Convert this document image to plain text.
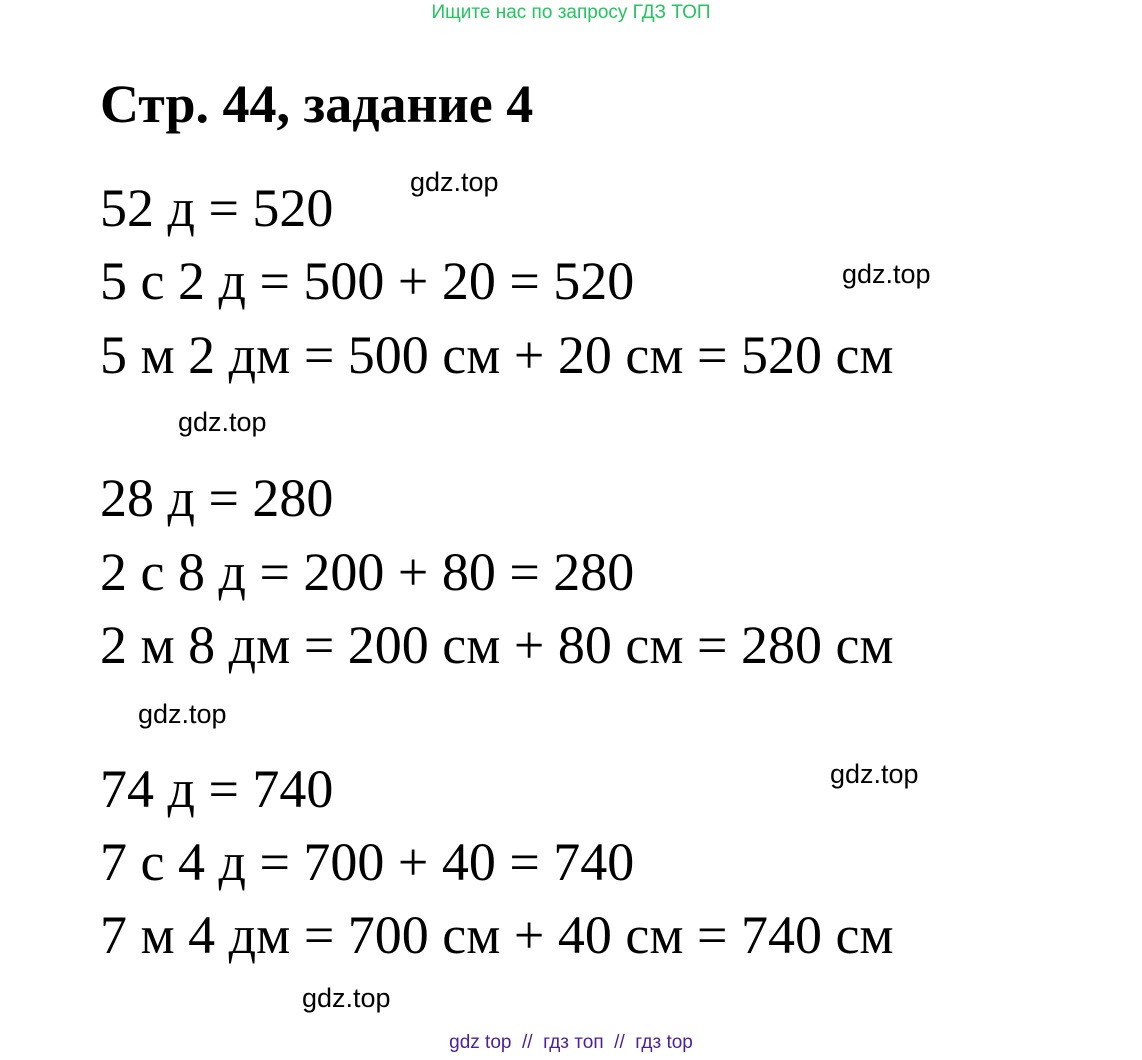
Ищите нас по запросу ГДЗ ТОП
Стр. 44, задание 4
52 д = 520
5 с 2 д = 500 + 20 = 520
5 м 2 дм = 500 см + 20 см = 520 см
28 д = 280
2 с 8 д = 200 + 80 = 280
2 м 8 дм = 200 см + 80 см = 280 см
74 д = 740
7 с 4 д = 700 + 40 = 740
7 м 4 дм = 700 см + 40 см = 740 см
gdz.top
gdz.top
gdz.top
gdz.top
gdz.top
gdz.top
gdz top  //  гдз топ  //  гдз top
